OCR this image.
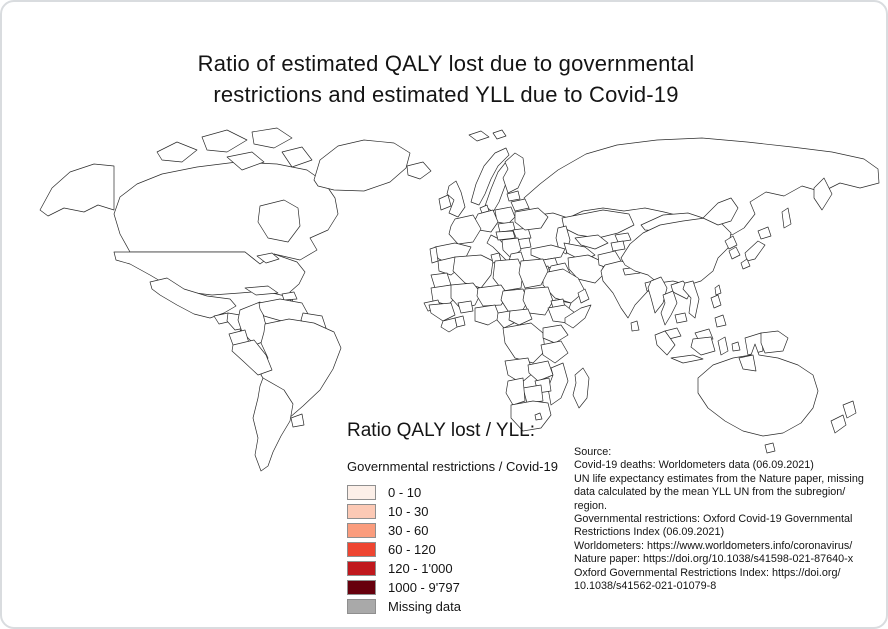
Ratio of estimated QALY lost due to governmental
restrictions and estimated YLL due to Covid-19
Ratio QALY lost / YLL:
Governmental restrictions / Covid-19
0 - 10
10 - 30
30 - 60
60 - 120
120 - 1'000
1000 - 9'797
Missing data
Source:
Covid-19 deaths: Worldometers data (06.09.2021)
UN life expectancy estimates from the Nature paper, missing
data calculated by the mean YLL UN from the subregion/
region.
Governmental restrictions: Oxford Covid-19 Governmental
Restrictions Index (06.09.2021)
Worldometers: https://www.worldometers.info/coronavirus/
Nature paper: https://doi.org/10.1038/s41598-021-87640-x
Oxford Governmental Restrictions Index: https://doi.org/
10.1038/s41562-021-01079-8
